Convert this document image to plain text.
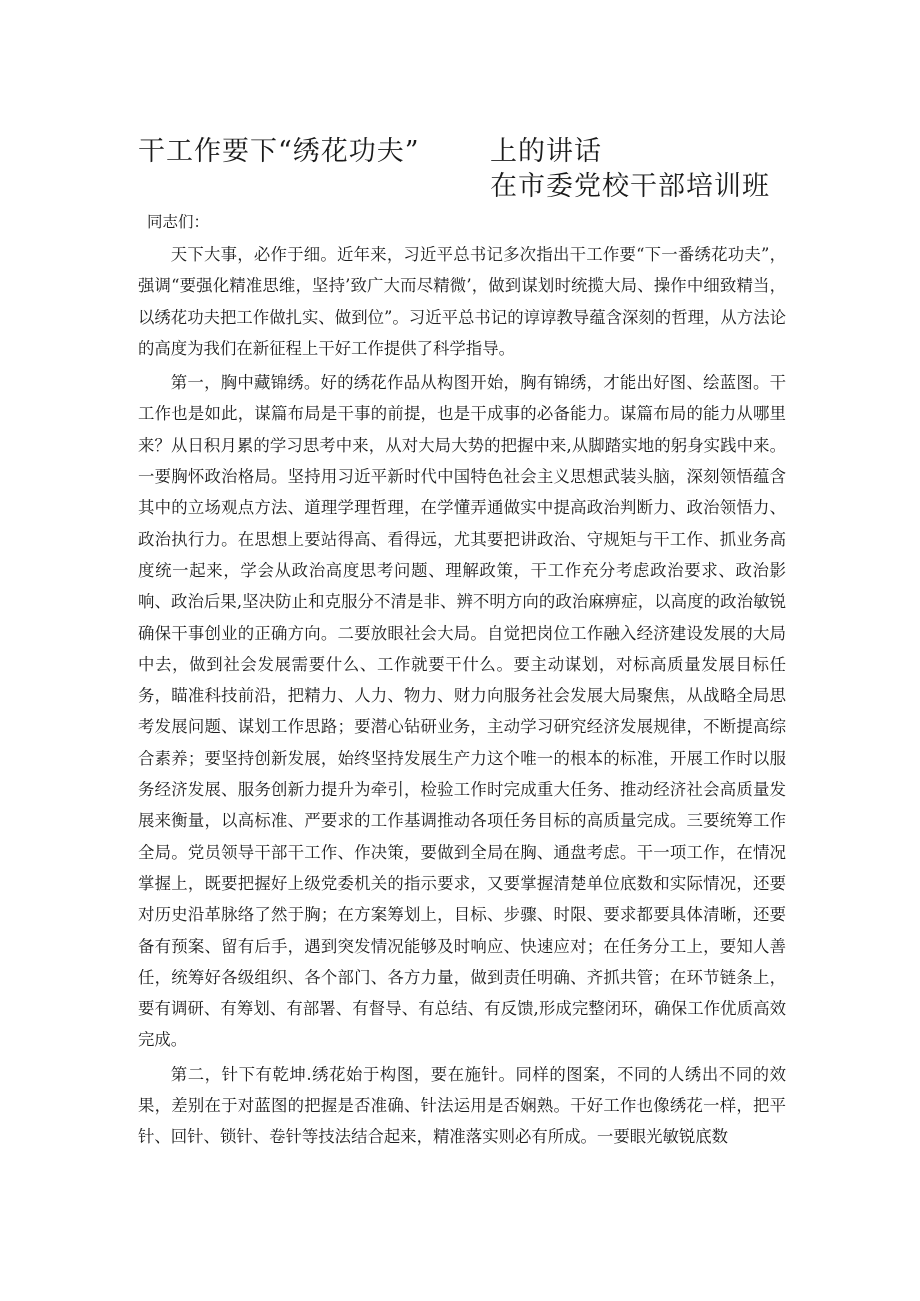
干工作要下“绣花功夫”	上的讲话
在市委党校干部培训班
同志们：

天下大事，必作于细。近年来，习近平总书记多次指出干工作要“下一番绣花功夫”，强调“要强化精准思维，坚持’致广大而尽精微’，做到谋划时统揽大局、操作中细致精当，以绣花功夫把工作做扎实、做到位”。习近平总书记的谆谆教导蕴含深刻的哲理，从方法论的高度为我们在新征程上干好工作提供了科学指导。

第一，胸中藏锦绣。好的绣花作品从构图开始，胸有锦绣，才能出好图、绘蓝图。干工作也是如此，谋篇布局是干事的前提，也是干成事的必备能力。谋篇布局的能力从哪里来？从日积月累的学习思考中来，从对大局大势的把握中来,从脚踏实地的躬身实践中来。一要胸怀政治格局。坚持用习近平新时代中国特色社会主义思想武装头脑，深刻领悟蕴含其中的立场观点方法、道理学理哲理，在学懂弄通做实中提高政治判断力、政治领悟力、政治执行力。在思想上要站得高、看得远，尤其要把讲政治、守规矩与干工作、抓业务高度统一起来，学会从政治高度思考问题、理解政策，干工作充分考虑政治要求、政治影响、政治后果,坚决防止和克服分不清是非、辨不明方向的政治麻痹症，以高度的政治敏锐确保干事创业的正确方向。二要放眼社会大局。自觉把岗位工作融入经济建设发展的大局中去，做到社会发展需要什么、工作就要干什么。要主动谋划，对标高质量发展目标任务，瞄准科技前沿，把精力、人力、物力、财力向服务社会发展大局聚焦，从战略全局思考发展问题、谋划工作思路；要潜心钻研业务，主动学习研究经济发展规律，不断提高综合素养；要坚持创新发展，始终坚持发展生产力这个唯一的根本的标准，开展工作时以服务经济发展、服务创新力提升为牵引，检验工作时完成重大任务、推动经济社会高质量发展来衡量，以高标准、严要求的工作基调推动各项任务目标的高质量完成。三要统筹工作全局。党员领导干部干工作、作决策，要做到全局在胸、通盘考虑。干一项工作，在情况掌握上，既要把握好上级党委机关的指示要求，又要掌握清楚单位底数和实际情况，还要对历史沿革脉络了然于胸；在方案筹划上，目标、步骤、时限、要求都要具体清晰，还要备有预案、留有后手，遇到突发情况能够及时响应、快速应对；在任务分工上，要知人善任，统筹好各级组织、各个部门、各方力量，做到责任明确、齐抓共管；在环节链条上，要有调研、有筹划、有部署、有督导、有总结、有反馈,形成完整闭环，确保工作优质高效完成。

第二，针下有乾坤.绣花始于构图，要在施针。同样的图案，不同的人绣出不同的效果，差别在于对蓝图的把握是否准确、针法运用是否娴熟。干好工作也像绣花一样，把平针、回针、锁针、卷针等技法结合起来，精准落实则必有所成。一要眼光敏锐底数
